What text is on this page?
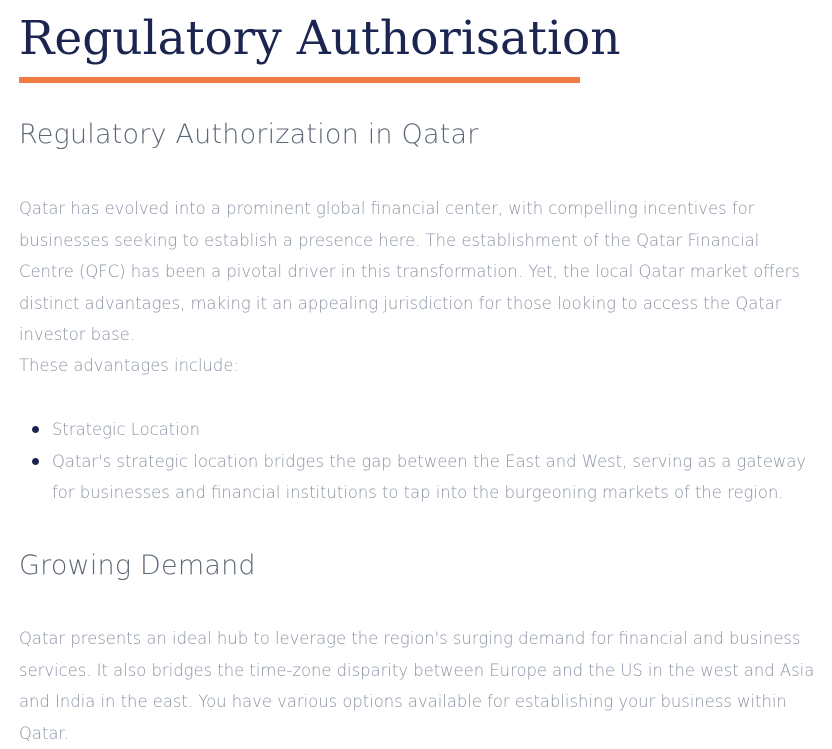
Regulatory Authorisation
Regulatory Authorization in Qatar

Qatar has evolved into a prominent global financial center, with compelling incentives for businesses seeking to establish a presence here. The establishment of the Qatar Financial Centre (QFC) has been a pivotal driver in this transformation. Yet, the local Qatar market offers distinct advantages, making it an appealing jurisdiction for those looking to access the Qatar investor base.

These advantages include:

Strategic Location
Qatar's strategic location bridges the gap between the East and West, serving as a gateway for businesses and financial institutions to tap into the burgeoning markets of the region.
Growing Demand

Qatar presents an ideal hub to leverage the region's surging demand for financial and business services. It also bridges the time-zone disparity between Europe and the US in the west and Asia and India in the east. You have various options available for establishing your business within Qatar.
